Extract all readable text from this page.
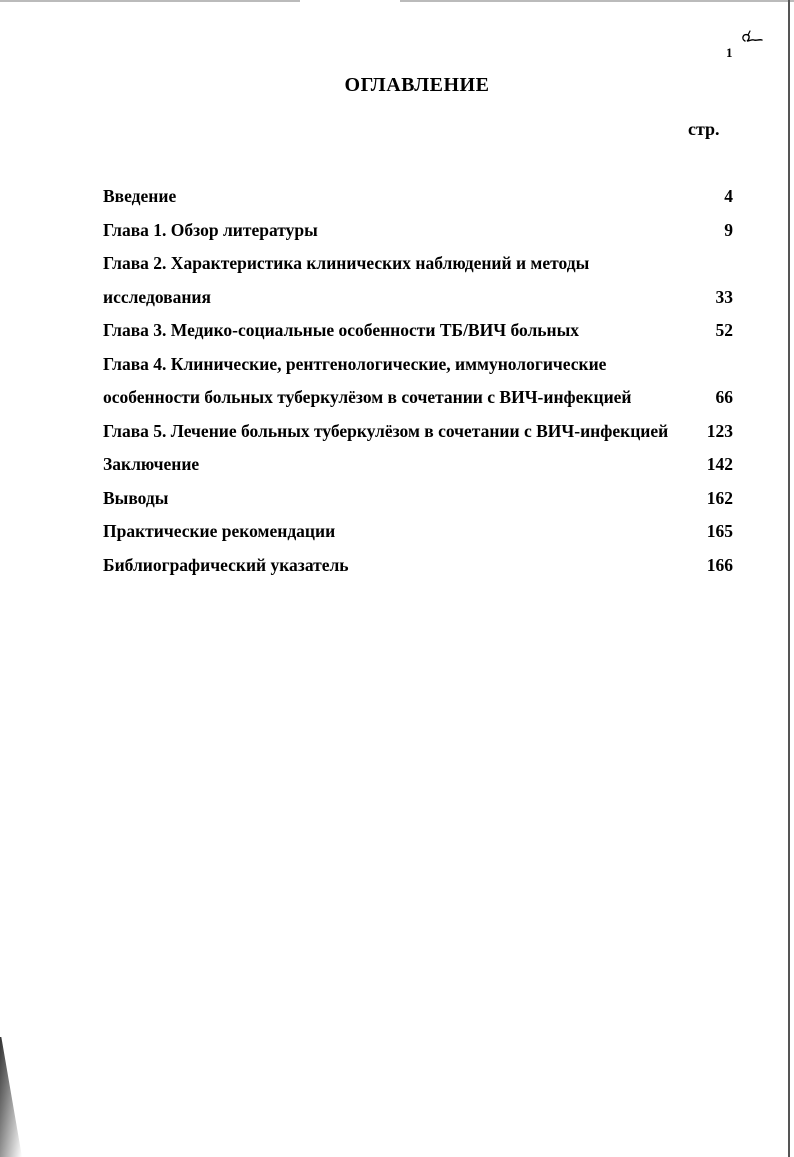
1
ОГЛАВЛЕНИЕ
стр.
Введение	4
Глава 1. Обзор литературы	9
Глава 2. Характеристика клинических наблюдений и методы
исследования	33
Глава 3. Медико-социальные особенности ТБ/ВИЧ больных	52
Глава 4. Клинические, рентгенологические, иммунологические
особенности больных туберкулёзом в сочетании с ВИЧ-инфекцией	66
Глава 5. Лечение больных туберкулёзом в сочетании с ВИЧ-инфекцией 123
Заключение	142
Выводы	162
Практические рекомендации	165
Библиографический указатель	166
